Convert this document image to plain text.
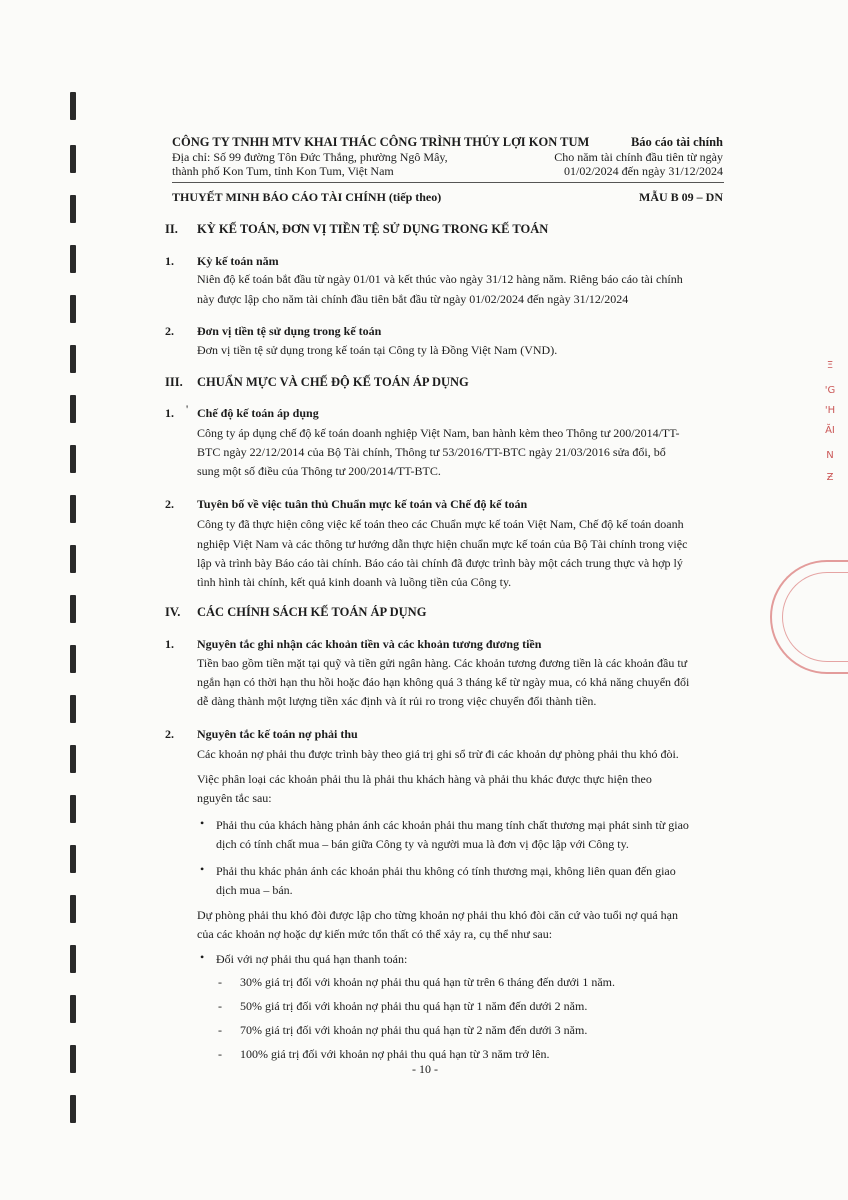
Ξ
'G
'H
ĂI
N
Ƶ

CÔNG TY TNHH MTV KHAI THÁC CÔNG TRÌNH THỦY LỢI KON TUM

Địa chỉ: Số 99 đường Tôn Đức Thắng, phường Ngô Mây,

thành phố Kon Tum, tỉnh Kon Tum, Việt Nam

Báo cáo tài chính

Cho năm tài chính đầu tiên từ ngày

01/02/2024 đến ngày 31/12/2024

THUYẾT MINH BÁO CÁO TÀI CHÍNH (tiếp theo)	MẪU B 09 – DN

II. KỲ KẾ TOÁN, ĐƠN VỊ TIỀN TỆ SỬ DỤNG TRONG KẾ TOÁN

1. Kỳ kế toán năm

Niên độ kế toán bắt đầu từ ngày 01/01 và kết thúc vào ngày 31/12 hàng năm. Riêng báo cáo tài chính

này được lập cho năm tài chính đầu tiên bắt đầu từ ngày 01/02/2024 đến ngày 31/12/2024

2. Đơn vị tiền tệ sử dụng trong kế toán

Đơn vị tiền tệ sử dụng trong kế toán tại Công ty là Đồng Việt Nam (VND).

III. CHUẨN MỰC VÀ CHẾ ĐỘ KẾ TOÁN ÁP DỤNG

1. ' Chế độ kế toán áp dụng

Công ty áp dụng chế độ kế toán doanh nghiệp Việt Nam, ban hành kèm theo Thông tư 200/2014/TT-

BTC ngày 22/12/2014 của Bộ Tài chính, Thông tư 53/2016/TT-BTC ngày 21/03/2016 sửa đổi, bổ

sung một số điều của Thông tư 200/2014/TT-BTC.

2. Tuyên bố về việc tuân thủ Chuẩn mực kế toán và Chế độ kế toán

Công ty đã thực hiện công việc kế toán theo các Chuẩn mực kế toán Việt Nam, Chế độ kế toán doanh

nghiệp Việt Nam và các thông tư hướng dẫn thực hiện chuẩn mực kế toán của Bộ Tài chính trong việc

lập và trình bày Báo cáo tài chính. Báo cáo tài chính đã được trình bày một cách trung thực và hợp lý

tình hình tài chính, kết quả kinh doanh và luồng tiền của Công ty.

IV. CÁC CHÍNH SÁCH KẾ TOÁN ÁP DỤNG

1. Nguyên tắc ghi nhận các khoản tiền và các khoản tương đương tiền

Tiền bao gồm tiền mặt tại quỹ và tiền gửi ngân hàng. Các khoản tương đương tiền là các khoản đầu tư

ngắn hạn có thời hạn thu hồi hoặc đáo hạn không quá 3 tháng kể từ ngày mua, có khả năng chuyển đổi

dễ dàng thành một lượng tiền xác định và ít rủi ro trong việc chuyển đổi thành tiền.

2. Nguyên tắc kế toán nợ phải thu

Các khoản nợ phải thu được trình bày theo giá trị ghi sổ trừ đi các khoản dự phòng phải thu khó đòi.

Việc phân loại các khoản phải thu là phải thu khách hàng và phải thu khác được thực hiện theo

nguyên tắc sau:

• Phải thu của khách hàng phản ánh các khoản phải thu mang tính chất thương mại phát sinh từ giao

dịch có tính chất mua – bán giữa Công ty và người mua là đơn vị độc lập với Công ty.

• Phải thu khác phản ánh các khoản phải thu không có tính thương mại, không liên quan đến giao

dịch mua – bán.

Dự phòng phải thu khó đòi được lập cho từng khoản nợ phải thu khó đòi căn cứ vào tuổi nợ quá hạn

của các khoản nợ hoặc dự kiến mức tổn thất có thể xảy ra, cụ thể như sau:

• Đối với nợ phải thu quá hạn thanh toán:

- 30% giá trị đối với khoản nợ phải thu quá hạn từ trên 6 tháng đến dưới 1 năm.

- 50% giá trị đối với khoản nợ phải thu quá hạn từ 1 năm đến dưới 2 năm.

- 70% giá trị đối với khoản nợ phải thu quá hạn từ 2 năm đến dưới 3 năm.

- 100% giá trị đối với khoản nợ phải thu quá hạn từ 3 năm trở lên.

- 10 -
